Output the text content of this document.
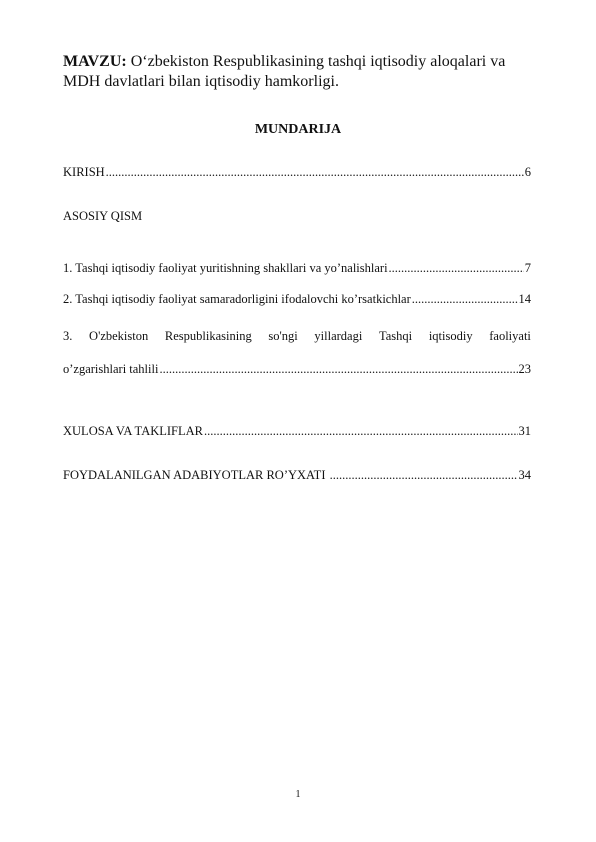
MAVZU: O‘zbekiston Respublikasining tashqi iqtisodiy aloqalari va MDH davlatlari bilan iqtisodiy hamkorligi.
MUNDARIJA
KIRISH .....	6
ASOSIY QISM
1. Tashqi iqtisodiy faoliyat yuritishning shakllari va yo’nalishlari .....	7
2. Tashqi iqtisodiy faoliyat samaradorligini ifodalovchi ko’rsatkichlar .....	14
3. O'zbekiston Respublikasining so'ngi yillardagi Tashqi iqtisodiy faoliyati
o’zgarishlari tahlili .....	23
XULOSA VA TAKLIFLAR .....	31
FOYDALANILGAN ADABIYOTLAR RO’YXATI .....	34
1
